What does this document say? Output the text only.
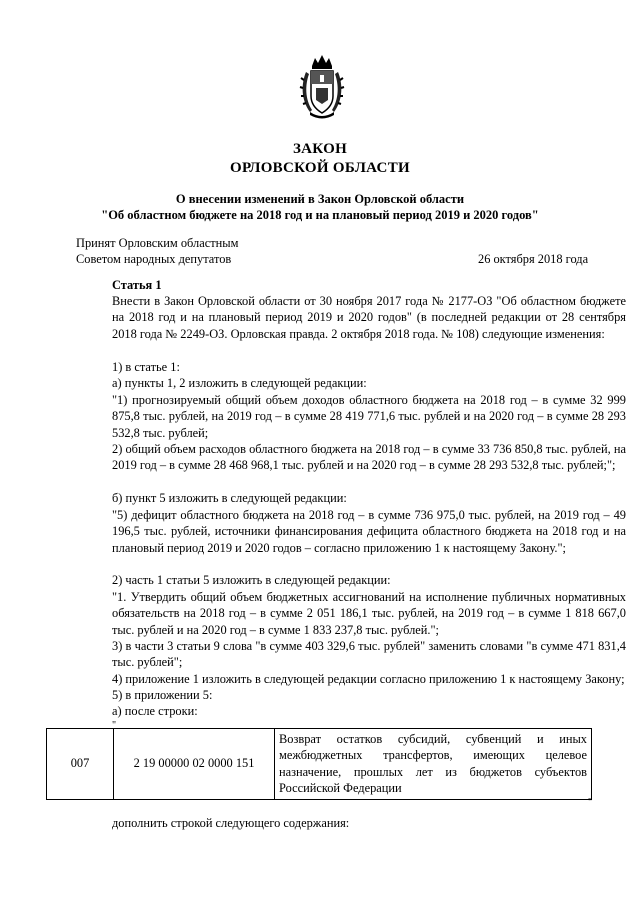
ЗАКОН
ОРЛОВСКОЙ ОБЛАСТИ
О внесении изменений в Закон Орловской области
"Об областном бюджете на 2018 год и на плановый период 2019 и 2020 годов"
Принят Орловским областным
Советом народных депутатов	26 октября 2018 года
Статья 1
Внести в Закон Орловской области от 30 ноября 2017 года № 2177-ОЗ "Об областном бюджете на 2018 год и на плановый период 2019 и 2020 годов" (в последней редакции от 28 сентября 2018 года № 2249-ОЗ. Орловская правда. 2 октября 2018 года. № 108) следующие изменения:
1) в статье 1:
а) пункты 1, 2 изложить в следующей редакции:
"1) прогнозируемый общий объем доходов областного бюджета на 2018 год – в сумме 32 999 875,8 тыс. рублей, на 2019 год – в сумме 28 419 771,6 тыс. рублей и на 2020 год – в сумме 28 293 532,8 тыс. рублей;
2) общий объем расходов областного бюджета на 2018 год – в сумме 33 736 850,8 тыс. рублей, на 2019 год – в сумме 28 468 968,1 тыс. рублей и на 2020 год – в сумме 28 293 532,8 тыс. рублей;";
б) пункт 5 изложить в следующей редакции:
"5) дефицит областного бюджета на 2018 год – в сумме 736 975,0 тыс. рублей, на 2019 год – 49 196,5 тыс. рублей, источники финансирования дефицита областного бюджета на 2018 год и на плановый период 2019 и 2020 годов – согласно приложению 1 к настоящему Закону.";
2) часть 1 статьи 5 изложить в следующей редакции:
"1. Утвердить общий объем бюджетных ассигнований на исполнение публичных нормативных обязательств на 2018 год – в сумме 2 051 186,1 тыс. рублей, на 2019 год – в сумме 1 818 667,0 тыс. рублей и на 2020 год – в сумме 1 833 237,8 тыс. рублей.";
3) в части 3 статьи 9 слова "в сумме 403 329,6 тыс. рублей" заменить словами "в сумме 471 831,4 тыс. рублей";
4) приложение 1 изложить в следующей редакции согласно приложению 1 к настоящему Закону;
5) в приложении 5:
а) после строки:
"
007	2 19 00000 02 0000 151	Возврат остатков субсидий, субвенций и иных межбюджетных трансфертов, имеющих целевое назначение, прошлых лет из бюджетов субъектов Российской Федерации
"
дополнить строкой следующего содержания:
